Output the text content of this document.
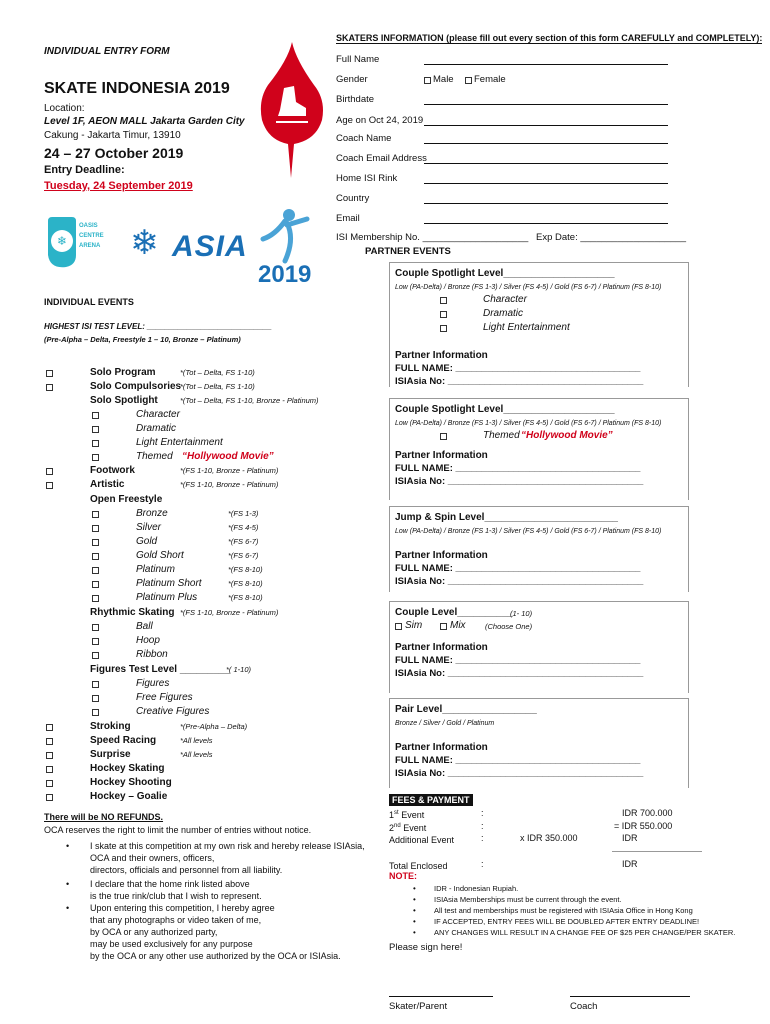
INDIVIDUAL ENTRY FORM
SKATE INDONESIA 2019
Location:
Level 1F, AEON MALL Jakarta Garden City
Cakung - Jakarta Timur, 13910
24 – 27 October 2019
Entry Deadline:
Tuesday, 24 September 2019
❄
OASIS
CENTRE
ARENA ❄ ASIA
2019
INDIVIDUAL EVENTS
HIGHEST ISI TEST LEVEL: ____________________________
(Pre-Alpha – Delta, Freestyle 1 – 10, Bronze – Platinum)
Solo Program	*(Tot – Delta, FS 1-10)
Solo Compulsories
*(Tot – Delta, FS 1-10)
Solo Spotlight	*(Tot – Delta, FS 1-10, Bronze - Platinum)
Character
Dramatic
Light Entertainment
Themed “Hollywood Movie”
Footwork	*(FS 1-10, Bronze - Platinum)
Artistic	*(FS 1-10, Bronze - Platinum)
Open Freestyle
Bronze	*(FS 1-3)
Silver	*(FS 4-5)
Gold	*(FS 6-7)
Gold Short	*(FS 6-7)
Platinum	*(FS 8-10)
Platinum Short	*(FS 8-10)
Platinum Plus	*(FS 8-10)
Rhythmic Skating *(FS 1-10, Bronze - Platinum)
Ball
Hoop
Ribbon
Figures Test Level _________
*( 1-10)
Figures
Free Figures
Creative Figures
Stroking	*(Pre-Alpha – Delta)
Speed Racing	*All levels
Surprise	*All levels
Hockey Skating
Hockey Shooting
Hockey – Goalie
There will be NO REFUNDS.
OCA reserves the right to limit the number of entries without notice.
• I skate at this competition at my own risk and hereby release ISIAsia,
OCA and their owners, officers,
directors, officials and personnel from all liability.
• I declare that the home rink listed above
is the true rink/club that I wish to represent.
• Upon entering this competition, I hereby agree
that any photographs or video taken of me,
by OCA or any authorized party,
may be used exclusively for any purpose
by the OCA or any other use authorized by the OCA or ISIAsia.
SKATERS INFORMATION (please fill out every section of this form CAREFULLY and COMPLETELY):
Full Name
Gender
Birthdate
Age on Oct 24, 2019
Coach Name
Coach Email Address
Home ISI Rink
Country
Email
Male Female
ISI Membership No. ____________________ Exp Date: ____________________
PARTNER EVENTS
Couple Spotlight Level____________________
Low (PA-Delta) / Bronze (FS 1-3) / Silver (FS 4-5) / Gold (FS 6-7) / Platinum (FS 8-10)
Character
Dramatic
Light Entertainment
Partner Information
FULL NAME: ___________________________________
ISIAsia No: _____________________________________
Couple Spotlight Level____________________
Low (PA-Delta) / Bronze (FS 1-3) / Silver (FS 4-5) / Gold (FS 6-7) / Platinum (FS 8-10)
Themed “Hollywood Movie”
Partner Information
FULL NAME: ___________________________________
ISIAsia No: _____________________________________
Jump & Spin Level________________________
Low (PA-Delta) / Bronze (FS 1-3) / Silver (FS 4-5) / Gold (FS 6-7) / Platinum (FS 8-10)
Partner Information
FULL NAME: ___________________________________
ISIAsia No: _____________________________________
Couple Level__________
(1- 10)
Sim	Mix	(Choose One)
Partner Information
FULL NAME: ___________________________________
ISIAsia No: _____________________________________
Pair Level_________________
Bronze / Silver / Gold / Platinum
Partner Information
FULL NAME: ___________________________________
ISIAsia No: _____________________________________
FEES & PAYMENT
1st Event	:	IDR 700.000
2nd Event	:	= IDR 550.000
Additional Event	:	x IDR 350.000	IDR
Total Enclosed	:	IDR
NOTE:
• IDR - Indonesian Rupiah.
• ISIAsia Memberships must be current through the event.
• All test and memberships must be registered with ISIAsia Office in Hong Kong
• IF ACCEPTED, ENTRY FEES WILL BE DOUBLED AFTER ENTRY DEADLINE!
• ANY CHANGES WILL RESULT IN A CHANGE FEE OF $25 PER CHANGE/PER SKATER.
Please sign here!
Skater/Parent	Coach
